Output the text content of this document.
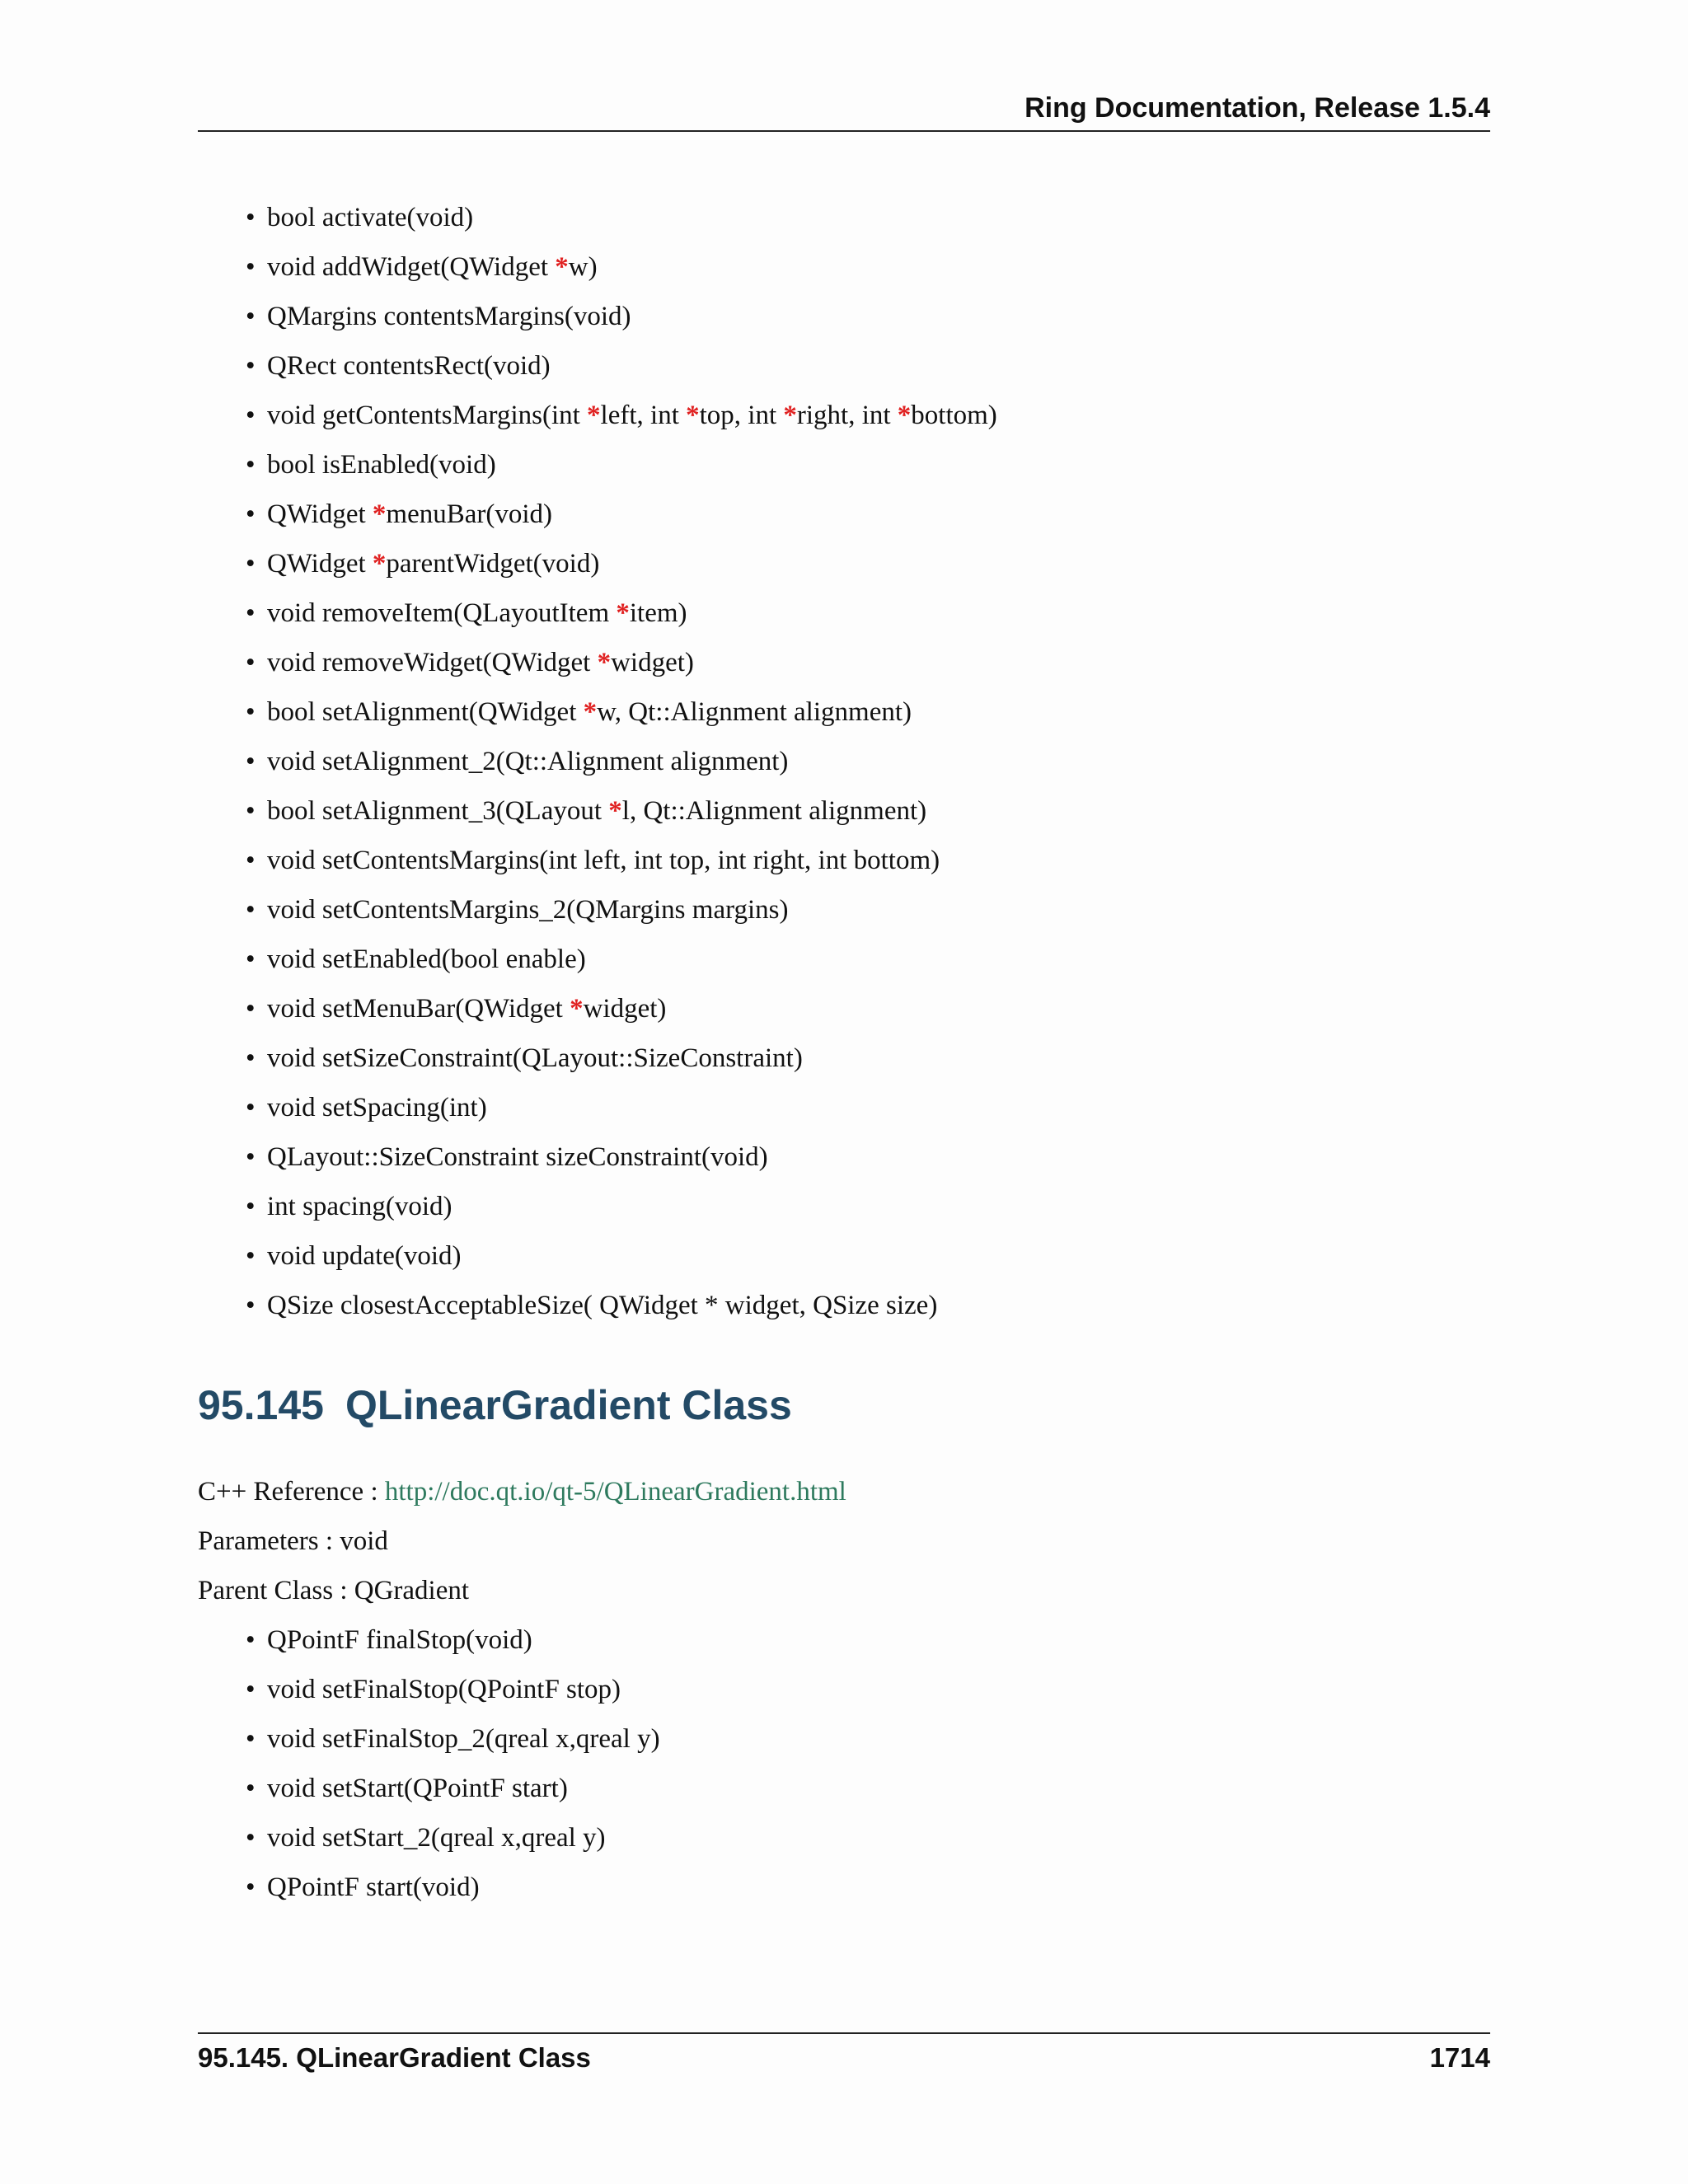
Ring Documentation, Release 1.5.4
• bool activate(void)
• void addWidget(QWidget *w)
• QMargins contentsMargins(void)
• QRect contentsRect(void)
• void getContentsMargins(int *left, int *top, int *right, int *bottom)
• bool isEnabled(void)
• QWidget *menuBar(void)
• QWidget *parentWidget(void)
• void removeItem(QLayoutItem *item)
• void removeWidget(QWidget *widget)
• bool setAlignment(QWidget *w, Qt::Alignment alignment)
• void setAlignment_2(Qt::Alignment alignment)
• bool setAlignment_3(QLayout *l, Qt::Alignment alignment)
• void setContentsMargins(int left, int top, int right, int bottom)
• void setContentsMargins_2(QMargins margins)
• void setEnabled(bool enable)
• void setMenuBar(QWidget *widget)
• void setSizeConstraint(QLayout::SizeConstraint)
• void setSpacing(int)
• QLayout::SizeConstraint sizeConstraint(void)
• int spacing(void)
• void update(void)
• QSize closestAcceptableSize( QWidget * widget, QSize size)
95.145 QLinearGradient Class
C++ Reference : http://doc.qt.io/qt-5/QLinearGradient.html
Parameters : void
Parent Class : QGradient
• QPointF finalStop(void)
• void setFinalStop(QPointF stop)
• void setFinalStop_2(qreal x,qreal y)
• void setStart(QPointF start)
• void setStart_2(qreal x,qreal y)
• QPointF start(void)
95.145. QLinearGradient Class	1714
